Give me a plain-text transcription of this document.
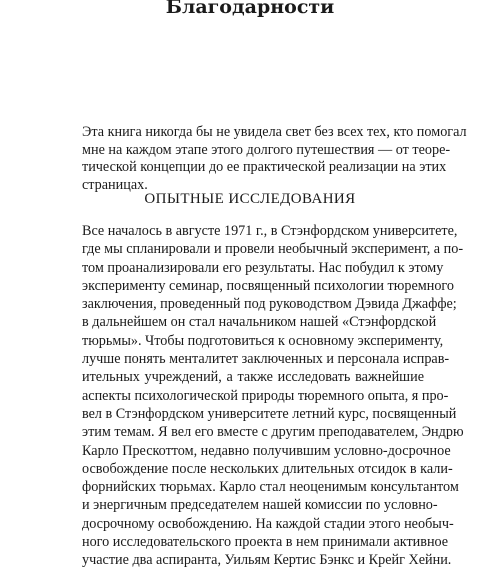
Благодарности

Эта книга никогда бы не увидела свет без всех тех, кто помогал
мне на каждом этапе этого долгого путешествия — от теоре-
тической концепции до ее практической реализации на этих
страницах.

ОПЫТНЫЕ ИССЛЕДОВАНИЯ

Все началось в августе 1971 г., в Стэнфордском университете,
где мы спланировали и провели необычный эксперимент, а по-
том проанализировали его результаты. Нас побудил к этому
эксперименту семинар, посвященный психологии тюремного
заключения, проведенный под руководством Дэвида Джаффе;
в дальнейшем он стал начальником нашей «Стэнфордской
тюрьмы». Чтобы подготовиться к основному эксперименту,
лучше понять менталитет заключенных и персонала исправ-
ительных учреждений, а также исследовать важнейшие
аспекты психологической природы тюремного опыта, я про-
вел в Стэнфордском университете летний курс, посвященный
этим темам. Я вел его вместе с другим преподавателем, Эндрю
Карло Прескоттом, недавно получившим условно-досрочное
освобождение после нескольких длительных отсидок в кали-
форнийских тюрьмах. Карло стал неоценимым консультантом
и энергичным председателем нашей комиссии по условно-
досрочному освобождению. На каждой стадии этого необыч-
ного исследовательского проекта в нем принимали активное
участие два аспиранта, Уильям Кертис Бэнкс и Крейг Хейни.
